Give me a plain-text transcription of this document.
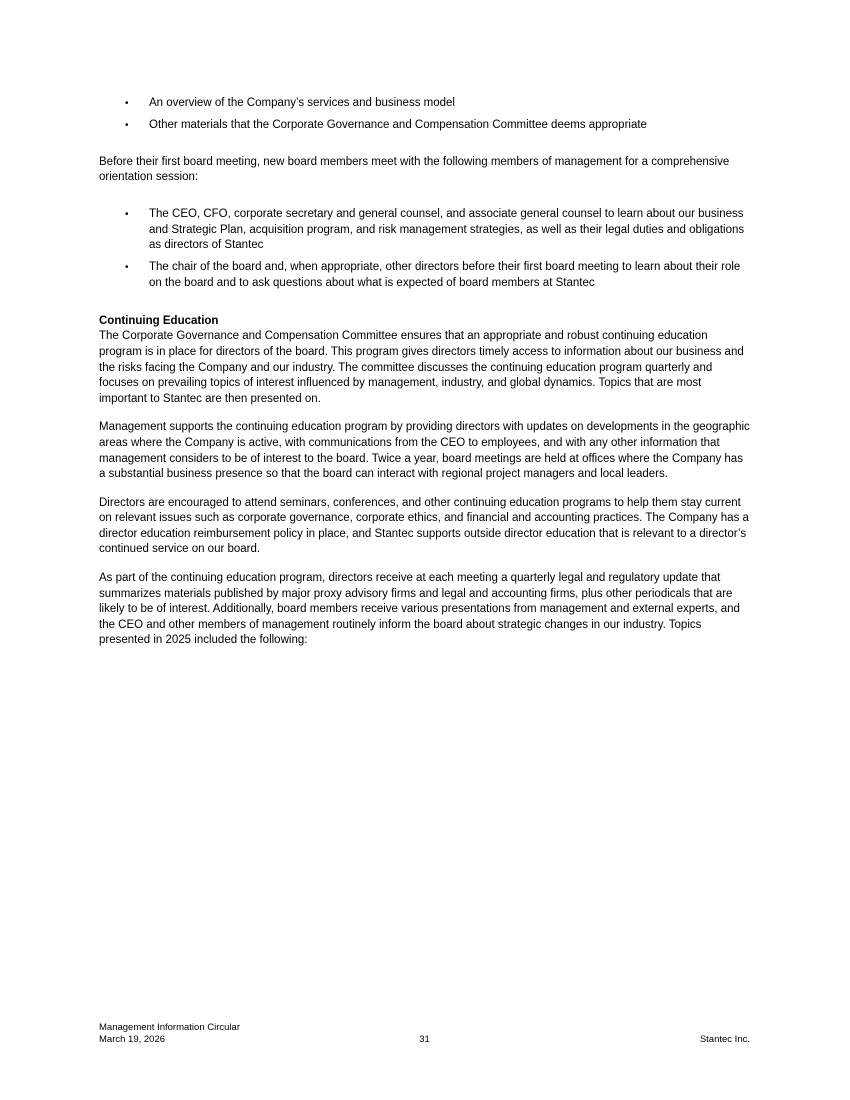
•	An overview of the Company’s services and business model
•	Other materials that the Corporate Governance and Compensation Committee deems appropriate

Before their first board meeting, new board members meet with the following members of management for a comprehensive orientation session:

•	The CEO, CFO, corporate secretary and general counsel, and associate general counsel to learn about our business and Strategic Plan, acquisition program, and risk management strategies, as well as their legal duties and obligations as directors of Stantec
•	The chair of the board and, when appropriate, other directors before their first board meeting to learn about their role on the board and to ask questions about what is expected of board members at Stantec
Continuing Education

The Corporate Governance and Compensation Committee ensures that an appropriate and robust continuing education program is in place for directors of the board. This program gives directors timely access to information about our business and the risks facing the Company and our industry. The committee discusses the continuing education program quarterly and focuses on prevailing topics of interest influenced by management, industry, and global dynamics. Topics that are most important to Stantec are then presented on.

Management supports the continuing education program by providing directors with updates on developments in the geographic areas where the Company is active, with communications from the CEO to employees, and with any other information that management considers to be of interest to the board. Twice a year, board meetings are held at offices where the Company has a substantial business presence so that the board can interact with regional project managers and local leaders.

Directors are encouraged to attend seminars, conferences, and other continuing education programs to help them stay current on relevant issues such as corporate governance, corporate ethics, and financial and accounting practices. The Company has a director education reimbursement policy in place, and Stantec supports outside director education that is relevant to a director’s continued service on our board.

As part of the continuing education program, directors receive at each meeting a quarterly legal and regulatory update that summarizes materials published by major proxy advisory firms and legal and accounting firms, plus other periodicals that are likely to be of interest. Additionally, board members receive various presentations from management and external experts, and the CEO and other members of management routinely inform the board about strategic changes in our industry. Topics presented in 2025 included the following:

Management Information Circular
March 19, 2026	31	Stantec Inc.
